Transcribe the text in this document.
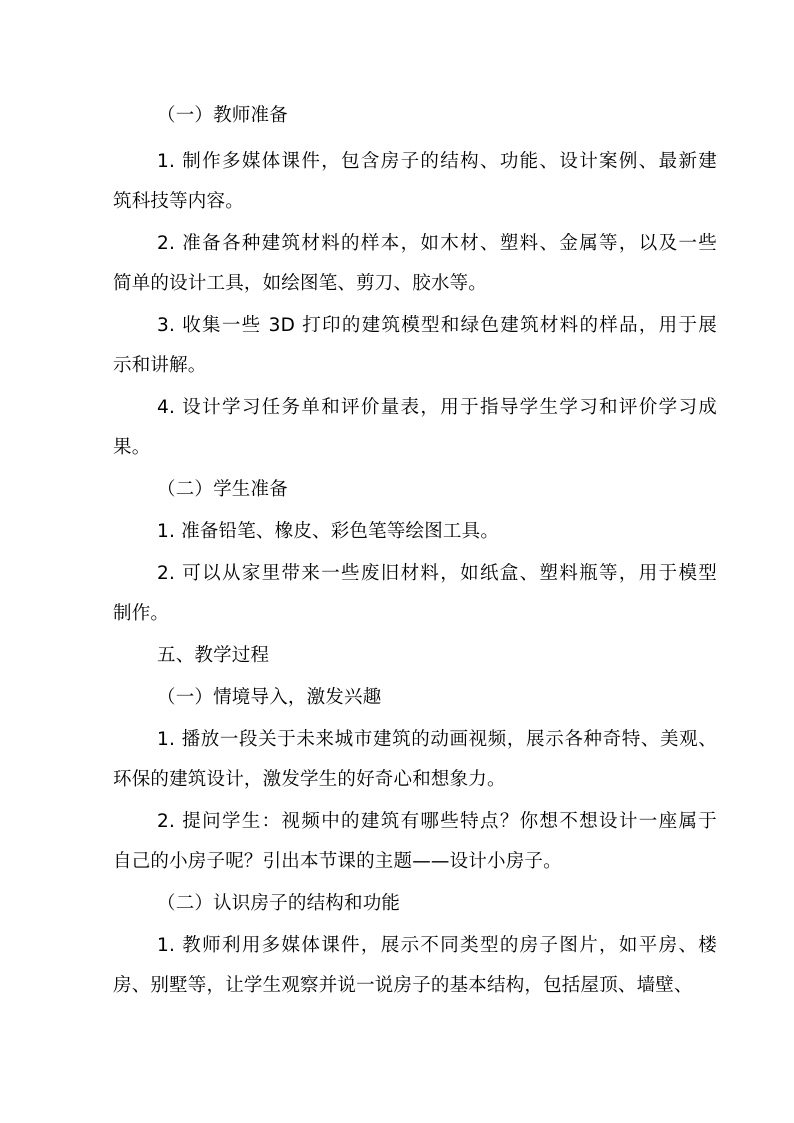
（一）教师准备

1. 制作多媒体课件，包含房子的结构、功能、设计案例、最新建

筑科技等内容。

2. 准备各种建筑材料的样本，如木材、塑料、金属等，以及一些

简单的设计工具，如绘图笔、剪刀、胶水等。

3. 收集一些 3D 打印的建筑模型和绿色建筑材料的样品，用于展

示和讲解。

4. 设计学习任务单和评价量表，用于指导学生学习和评价学习成

果。

（二）学生准备

1. 准备铅笔、橡皮、彩色笔等绘图工具。

2. 可以从家里带来一些废旧材料，如纸盒、塑料瓶等，用于模型

制作。

五、教学过程

（一）情境导入，激发兴趣

1. 播放一段关于未来城市建筑的动画视频，展示各种奇特、美观、

环保的建筑设计，激发学生的好奇心和想象力。

2. 提问学生：视频中的建筑有哪些特点？你想不想设计一座属于

自己的小房子呢？引出本节课的主题——设计小房子。

（二）认识房子的结构和功能

1. 教师利用多媒体课件，展示不同类型的房子图片，如平房、楼

房、别墅等，让学生观察并说一说房子的基本结构，包括屋顶、墙壁、
